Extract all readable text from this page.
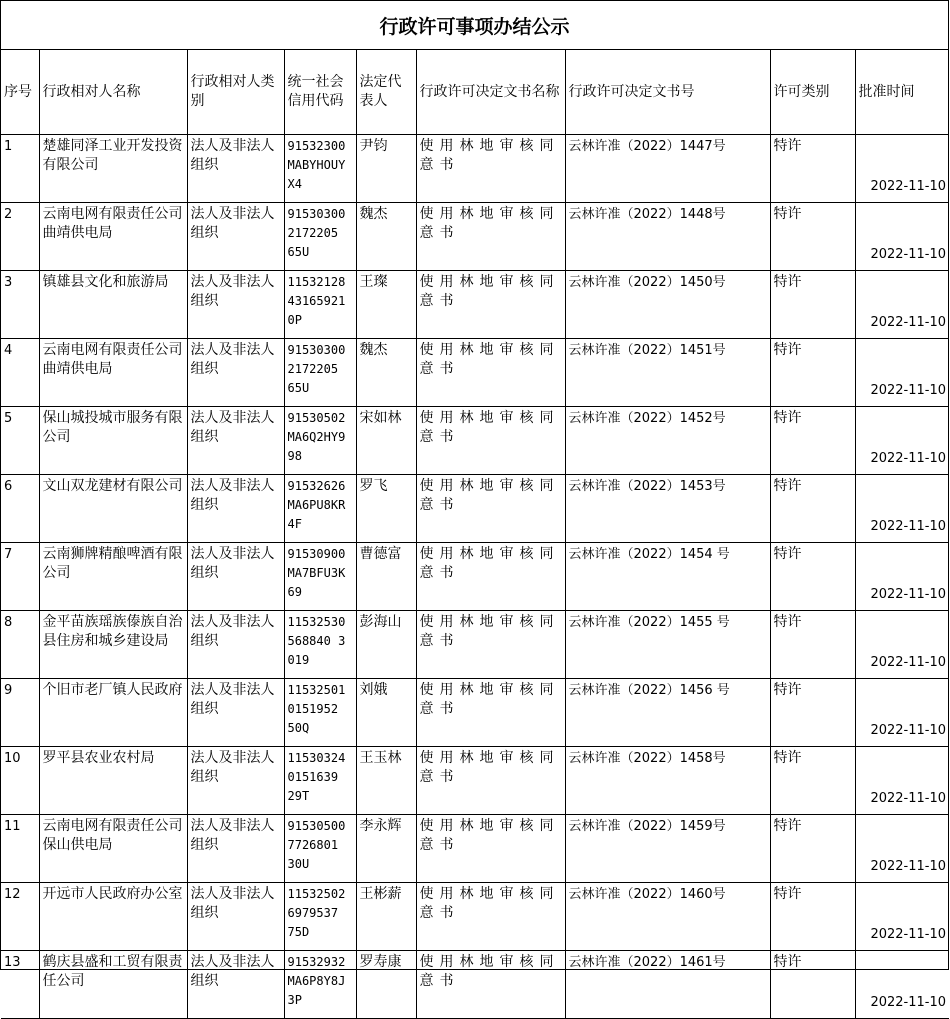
行政许可事项办结公示
序号	行政相对人名称	行政相对人类别	统一社会信用代码	法定代表人	行政许可决定文书名称	行政许可决定文书号	许可类别	批准时间
1	楚雄同泽工业开发投资有限公司	法人及非法人组织	91532300MABYHOUYX4	尹钧	使用林地审核同意书	云林许准（2022）1447号	特许	2022-11-10
2	云南电网有限责任公司曲靖供电局	法人及非法人组织	915303002172205 65U	魏杰	使用林地审核同意书	云林许准（2022）1448号	特许	2022-11-10
3	镇雄县文化和旅游局	法人及非法人组织	11532128431659210P	王璨	使用林地审核同意书	云林许准（2022）1450号	特许	2022-11-10
4	云南电网有限责任公司曲靖供电局	法人及非法人组织	915303002172205 65U	魏杰	使用林地审核同意书	云林许准（2022）1451号	特许	2022-11-10
5	保山城投城市服务有限公司	法人及非法人组织	91530502MA6Q2HY998	宋如林	使用林地审核同意书	云林许准（2022）1452号	特许	2022-11-10
6	文山双龙建材有限公司	法人及非法人组织	91532626MA6PU8KR4F	罗飞	使用林地审核同意书	云林许准（2022）1453号	特许	2022-11-10
7	云南狮牌精酿啤酒有限公司	法人及非法人组织	91530900MA7BFU3K69	曹德富	使用林地审核同意书	云林许准（2022）1454 号	特许	2022-11-10
8	金平苗族瑶族傣族自治县住房和城乡建设局	法人及非法人组织	11532530568840 3019	彭海山	使用林地审核同意书	云林许准（2022）1455 号	特许	2022-11-10
9	个旧市老厂镇人民政府	法人及非法人组织	115325010151952 50Q	刘娥	使用林地审核同意书	云林许准（2022）1456 号	特许	2022-11-10
10	罗平县农业农村局	法人及非法人组织	115303240151639 29T	王玉林	使用林地审核同意书	云林许准（2022）1458号	特许	2022-11-10
11	云南电网有限责任公司保山供电局	法人及非法人组织	915305007726801 30U	李永辉	使用林地审核同意书	云林许准（2022）1459号	特许	2022-11-10
12	开远市人民政府办公室	法人及非法人组织	115325026979537 75D	王彬薪	使用林地审核同意书	云林许准（2022）1460号	特许	2022-11-10
13	鹤庆县盛和工贸有限责任公司	法人及非法人组织	91532932MA6P8Y8J3P	罗寿康	使用林地审核同意书	云林许准（2022）1461号	特许	2022-11-10
